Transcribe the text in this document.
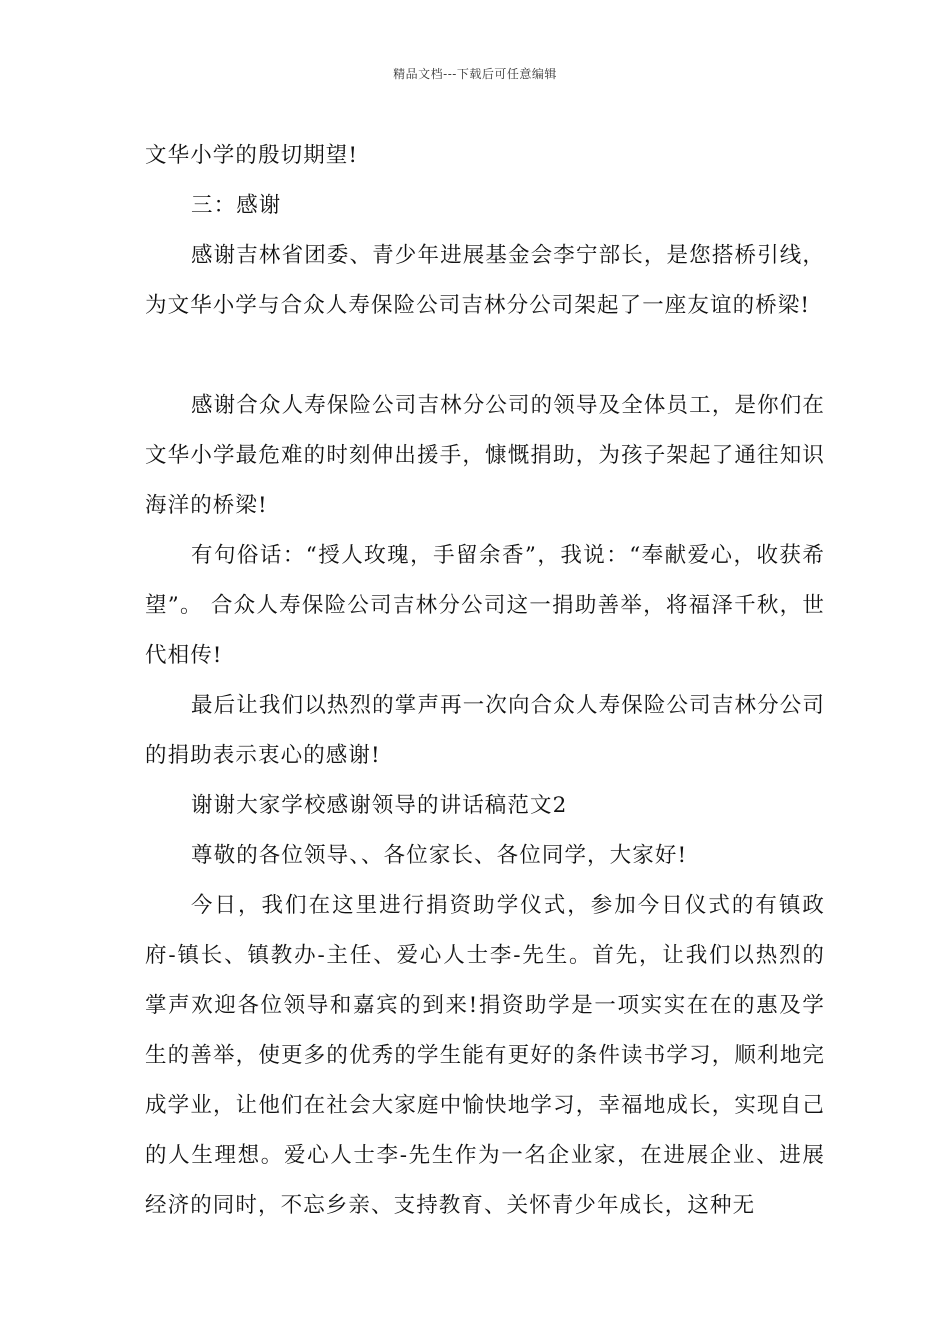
精品文档---下载后可任意编辑

文华小学的殷切期望!

三：感谢

感谢吉林省团委、青少年进展基金会李宁部长，是您搭桥引线，为文华小学与合众人寿保险公司吉林分公司架起了一座友谊的桥梁!

感谢合众人寿保险公司吉林分公司的领导及全体员工，是你们在文华小学最危难的时刻伸出援手，慷慨捐助，为孩子架起了通往知识海洋的桥梁!

有句俗话：“授人玫瑰，手留余香”，我说：“奉献爱心，收获希望”。 合众人寿保险公司吉林分公司这一捐助善举，将福泽千秋，世代相传!

最后让我们以热烈的掌声再一次向合众人寿保险公司吉林分公司的捐助表示衷心的感谢!

谢谢大家学校感谢领导的讲话稿范文2

尊敬的各位领导、、各位家长、各位同学，大家好!

今日，我们在这里进行捐资助学仪式，参加今日仪式的有镇政府-镇长、镇教办-主任、爱心人士李-先生。首先，让我们以热烈的掌声欢迎各位领导和嘉宾的到来!捐资助学是一项实实在在的惠及学生的善举，使更多的优秀的学生能有更好的条件读书学习，顺利地完成学业，让他们在社会大家庭中愉快地学习，幸福地成长，实现自己的人生理想。爱心人士李-先生作为一名企业家，在进展企业、进展经济的同时，不忘乡亲、支持教育、关怀青少年成长，这种无
